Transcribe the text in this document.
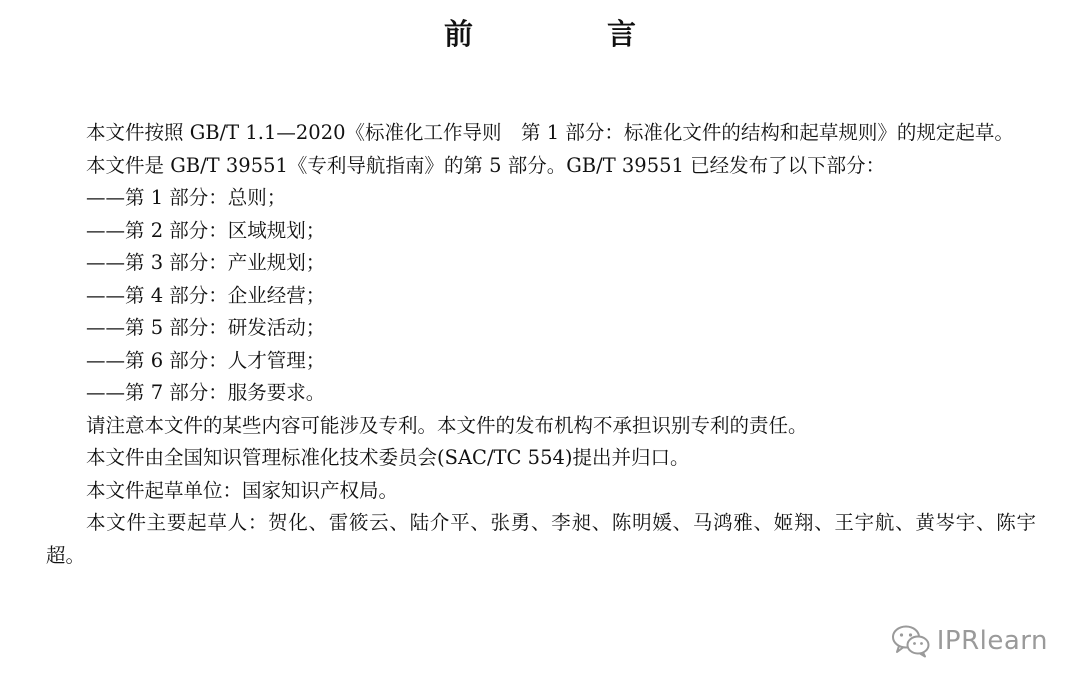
前 言

本文件按照 GB/T 1.1—2020《标准化工作导则　第 1 部分：标准化文件的结构和起草规则》的规定起草。

本文件是 GB/T 39551《专利导航指南》的第 5 部分。GB/T 39551 已经发布了以下部分：

——第 1 部分：总则；

——第 2 部分：区域规划；

——第 3 部分：产业规划；

——第 4 部分：企业经营；

——第 5 部分：研发活动；

——第 6 部分：人才管理；

——第 7 部分：服务要求。

请注意本文件的某些内容可能涉及专利。本文件的发布机构不承担识别专利的责任。

本文件由全国知识管理标准化技术委员会(SAC/TC 554)提出并归口。

本文件起草单位：国家知识产权局。

本文件主要起草人：贺化、雷筱云、陆介平、张勇、李昶、陈明媛、马鸿雅、姬翔、王宇航、黄岑宇、陈宇超。

IPRlearn
